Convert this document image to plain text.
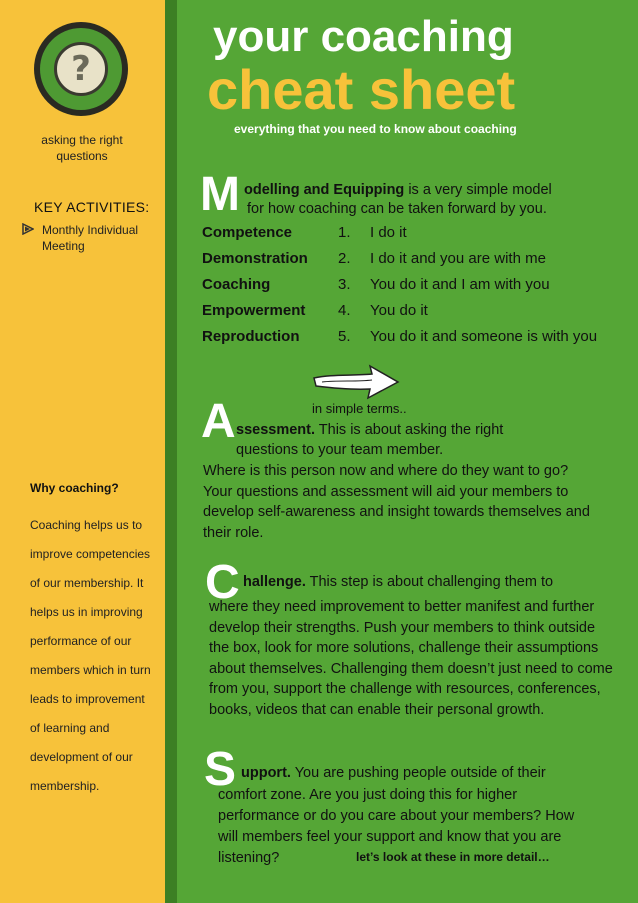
?
asking the right questions
KEY ACTIVITIES:
Monthly Individual Meeting
Why coaching?
Coaching helps us to improve competencies of our membership. It helps us in improving performance of our members which in turn leads to improvement of learning and development of our membership.
your coaching
cheat sheet
everything that you need to know about coaching
M odelling and Equipping is a very simple model
for how coaching can be taken forward by you.
Competence	1. I do it
Demonstration 2. I do it and you are with me
Coaching	3. You do it and I am with you
Empowerment 4. You do it
Reproduction	5. You do it and someone is with you
in simple terms..
A ssessment. This is about asking the right
questions to your team member.
Where is this person now and where do they want to go? Your questions and assessment will aid your members to develop self-awareness and insight towards themselves and their role.
C hallenge. This step is about challenging them to
where they need improvement to better manifest and further develop their strengths. Push your members to think outside the box, look for more solutions, challenge their assumptions about themselves. Challenging them doesn’t just need to come from you, support the challenge with resources, conferences, books, videos that can enable their personal growth.
S upport. You are pushing people outside of their
comfort zone. Are you just doing this for higher performance or do you care about your members? How will members feel your support and know that you are listening?	let’s look at these in more detail…
